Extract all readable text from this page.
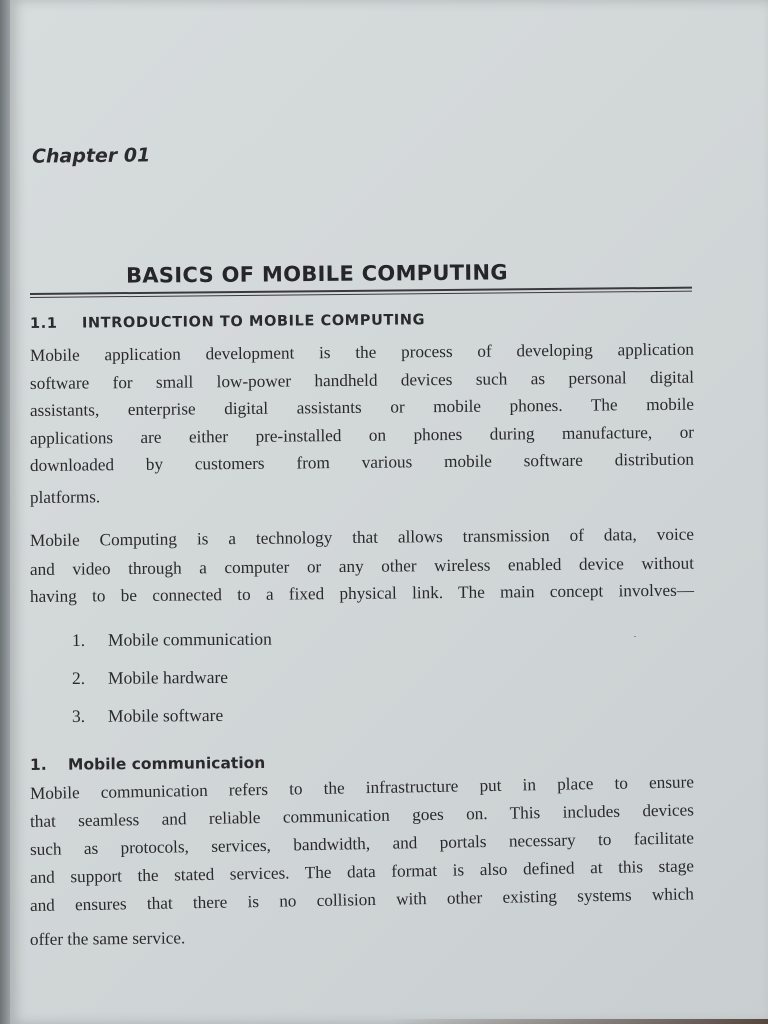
Chapter 01
BASICS OF MOBILE COMPUTING
1.1 INTRODUCTION TO MOBILE COMPUTING
Mobile application development is the process of developing application
software for small low-power handheld devices such as personal digital
assistants, enterprise digital assistants or mobile phones. The mobile
applications are either pre-installed on phones during manufacture, or
downloaded by customers from various mobile software distribution
platforms.
Mobile Computing is a technology that allows transmission of data, voice
and video through a computer or any other wireless enabled device without
having to be connected to a fixed physical link. The main concept involves—
1. Mobile communication
2. Mobile hardware
3. Mobile software
1. Mobile communication
Mobile communication refers to the infrastructure put in place to ensure
that seamless and reliable communication goes on. This includes devices
such as protocols, services, bandwidth, and portals necessary to facilitate
and support the stated services. The data format is also defined at this stage
and ensures that there is no collision with other existing systems which
offer the same service.
